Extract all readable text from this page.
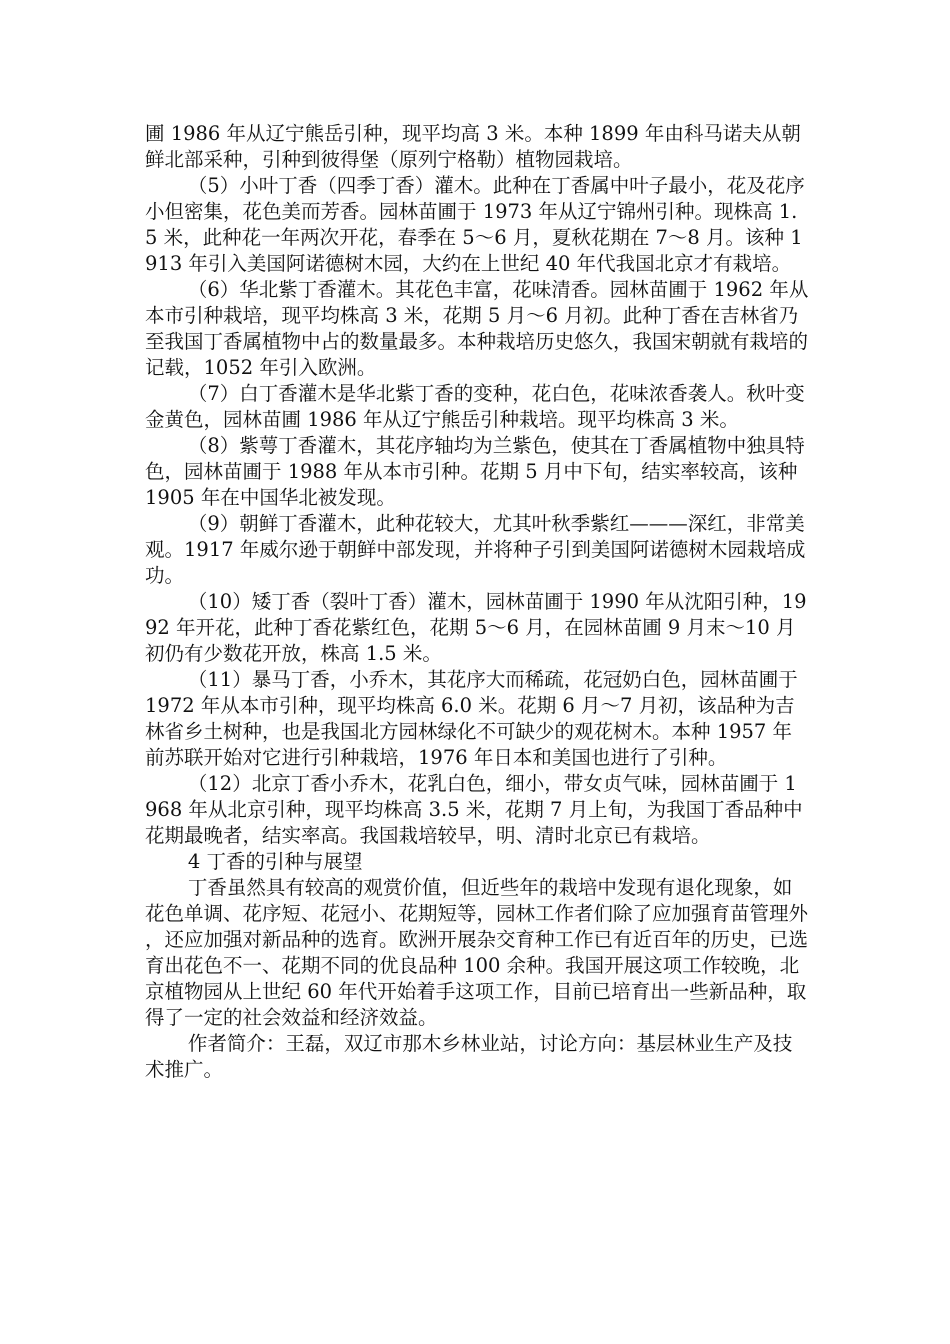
圃 1986 年从辽宁熊岳引种，现平均高 3 米。本种 1899 年由科马诺夫从朝鲜北部采种，引种到彼得堡（原列宁格勒）植物园栽培。

（5）小叶丁香（四季丁香）灌木。此种在丁香属中叶子最小，花及花序小但密集，花色美而芳香。园林苗圃于 1973 年从辽宁锦州引种。现株高 1.5 米，此种花一年两次开花，春季在 5～6 月，夏秋花期在 7～8 月。该种 1913 年引入美国阿诺德树木园，大约在上世纪 40 年代我国北京才有栽培。

（6）华北紫丁香灌木。其花色丰富，花味清香。园林苗圃于 1962 年从本市引种栽培，现平均株高 3 米，花期 5 月～6 月初。此种丁香在吉林省乃至我国丁香属植物中占的数量最多。本种栽培历史悠久，我国宋朝就有栽培的记载，1052 年引入欧洲。

（7）白丁香灌木是华北紫丁香的变种，花白色，花味浓香袭人。秋叶变金黄色，园林苗圃 1986 年从辽宁熊岳引种栽培。现平均株高 3 米。

（8）紫萼丁香灌木，其花序轴均为兰紫色，使其在丁香属植物中独具特色，园林苗圃于 1988 年从本市引种。花期 5 月中下旬，结实率较高，该种 1905 年在中国华北被发现。

（9）朝鲜丁香灌木，此种花较大，尤其叶秋季紫红———深红，非常美观。1917 年威尔逊于朝鲜中部发现，并将种子引到美国阿诺德树木园栽培成功。

（10）矮丁香（裂叶丁香）灌木，园林苗圃于 1990 年从沈阳引种，1992 年开花，此种丁香花紫红色，花期 5～6 月，在园林苗圃 9 月末～10 月初仍有少数花开放，株高 1.5 米。

（11）暴马丁香，小乔木，其花序大而稀疏，花冠奶白色，园林苗圃于 1972 年从本市引种，现平均株高 6.0 米。花期 6 月～7 月初，该品种为吉林省乡土树种，也是我国北方园林绿化不可缺少的观花树木。本种 1957 年前苏联开始对它进行引种栽培，1976 年日本和美国也进行了引种。

（12）北京丁香小乔木，花乳白色，细小，带女贞气味，园林苗圃于 1968 年从北京引种，现平均株高 3.5 米，花期 7 月上旬，为我国丁香品种中花期最晚者，结实率高。我国栽培较早，明、清时北京已有栽培。

4 丁香的引种与展望

丁香虽然具有较高的观赏价值，但近些年的栽培中发现有退化现象，如花色单调、花序短、花冠小、花期短等，园林工作者们除了应加强育苗管理外，还应加强对新品种的选育。欧洲开展杂交育种工作已有近百年的历史，已选育出花色不一、花期不同的优良品种 100 余种。我国开展这项工作较晚，北京植物园从上世纪 60 年代开始着手这项工作，目前已培育出一些新品种，取得了一定的社会效益和经济效益。

作者简介：王磊，双辽市那木乡林业站，讨论方向：基层林业生产及技术推广。
